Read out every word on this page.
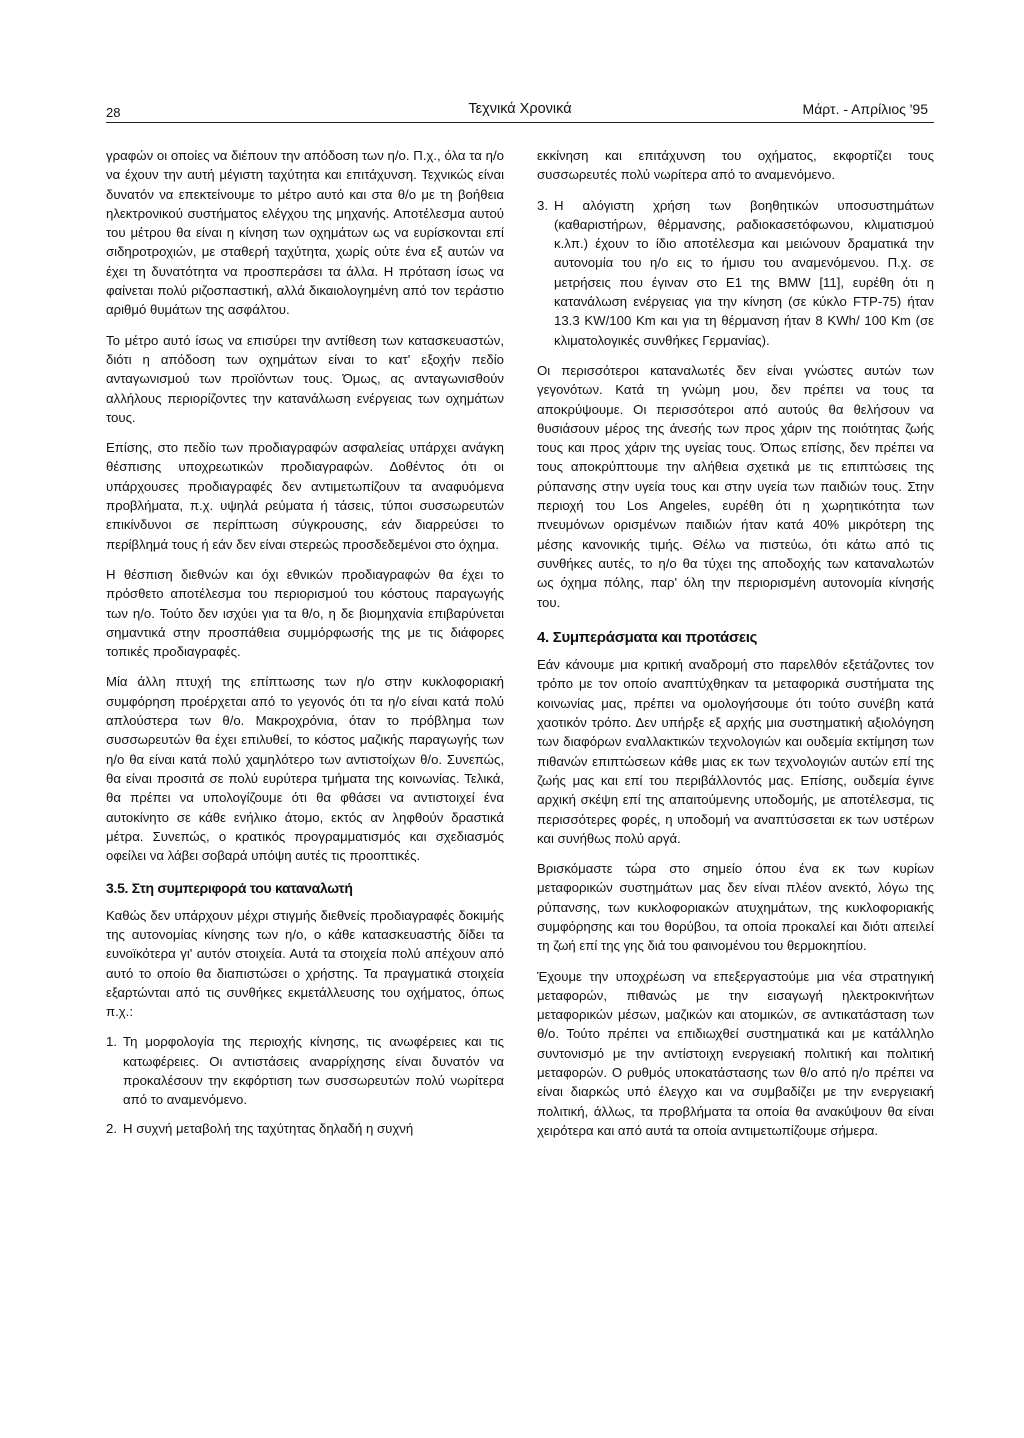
28	Τεχνικά Χρονικά	Μάρτ. - Απρίλιος '95

γραφών οι οποίες να διέπουν την απόδοση των η/ο. Π.χ., όλα τα η/ο να έχουν την αυτή μέγιστη ταχύτητα και επιτάχυνση. Τεχνικώς είναι δυνατόν να επεκτείνουμε το μέτρο αυτό και στα θ/ο με τη βοήθεια ηλεκτρονικού συστήματος ελέγχου της μηχανής. Αποτέλεσμα αυτού του μέτρου θα είναι η κίνηση των οχημάτων ως να ευρίσκονται επί σιδηροτροχιών, με σταθερή ταχύτητα, χωρίς ούτε ένα εξ αυτών να έχει τη δυνατότητα να προσπεράσει τα άλλα. Η πρόταση ίσως να φαίνεται πολύ ριζοσπαστική, αλλά δικαιολογημένη από τον τεράστιο αριθμό θυμάτων της ασφάλτου.

Το μέτρο αυτό ίσως να επισύρει την αντίθεση των κατασκευαστών, διότι η απόδοση των οχημάτων είναι το κατ' εξοχήν πεδίο ανταγωνισμού των προϊόντων τους. Όμως, ας ανταγωνισθούν αλλήλους περιορίζοντες την κατανάλωση ενέργειας των οχημάτων τους.

Επίσης, στο πεδίο των προδιαγραφών ασφαλείας υπάρχει ανάγκη θέσπισης υποχρεωτικών προδιαγραφών. Δοθέντος ότι οι υπάρχουσες προδιαγραφές δεν αντιμετωπίζουν τα αναφυόμενα προβλήματα, π.χ. υψηλά ρεύματα ή τάσεις, τύποι συσσωρευτών επικίνδυνοι σε περίπτωση σύγκρουσης, εάν διαρρεύσει το περίβλημά τους ή εάν δεν είναι στερεώς προσδεδεμένοι στο όχημα.

Η θέσπιση διεθνών και όχι εθνικών προδιαγραφών θα έχει το πρόσθετο αποτέλεσμα του περιορισμού του κόστους παραγωγής των η/ο. Τούτο δεν ισχύει για τα θ/ο, η δε βιομηχανία επιβαρύνεται σημαντικά στην προσπάθεια συμμόρφωσής της με τις διάφορες τοπικές προδιαγραφές.

Μία άλλη πτυχή της επίπτωσης των η/ο στην κυκλοφοριακή συμφόρηση προέρχεται από το γεγονός ότι τα η/ο είναι κατά πολύ απλούστερα των θ/ο. Μακροχρόνια, όταν το πρόβλημα των συσσωρευτών θα έχει επιλυθεί, το κόστος μαζικής παραγωγής των η/ο θα είναι κατά πολύ χαμηλότερο των αντιστοίχων θ/ο. Συνεπώς, θα είναι προσιτά σε πολύ ευρύτερα τμήματα της κοινωνίας. Τελικά, θα πρέπει να υπολογίζουμε ότι θα φθάσει να αντιστοιχεί ένα αυτοκίνητο σε κάθε ενήλικο άτομο, εκτός αν ληφθούν δραστικά μέτρα. Συνεπώς, ο κρατικός προγραμματισμός και σχεδιασμός οφείλει να λάβει σοβαρά υπόψη αυτές τις προοπτικές.

3.5. Στη συμπεριφορά του καταναλωτή

Καθώς δεν υπάρχουν μέχρι στιγμής διεθνείς προδιαγραφές δοκιμής της αυτονομίας κίνησης των η/ο, ο κάθε κατασκευαστής δίδει τα ευνοϊκότερα γι' αυτόν στοιχεία. Αυτά τα στοιχεία πολύ απέχουν από αυτό το οποίο θα διαπιστώσει ο χρήστης. Τα πραγματικά στοιχεία εξαρτώνται από τις συνθήκες εκμετάλλευσης του οχήματος, όπως π.χ.:

1. Τη μορφολογία της περιοχής κίνησης, τις ανωφέρειες και τις κατωφέρειες. Οι αντιστάσεις αναρρίχησης είναι δυνατόν να προκαλέσουν την εκφόρτιση των συσσωρευτών πολύ νωρίτερα από το αναμενόμενο.
2. Η συχνή μεταβολή της ταχύτητας δηλαδή η συχνή

εκκίνηση και επιτάχυνση του οχήματος, εκφορτίζει τους συσσωρευτές πολύ νωρίτερα από το αναμενόμενο.

3. Η αλόγιστη χρήση των βοηθητικών υποσυστημάτων (καθαριστήρων, θέρμανσης, ραδιοκασετόφωνου, κλιματισμού κ.λπ.) έχουν το ίδιο αποτέλεσμα και μειώνουν δραματικά την αυτονομία του η/ο εις το ήμισυ του αναμενόμενου. Π.χ. σε μετρήσεις που έγιναν στο Ε1 της BMW [11], ευρέθη ότι η κατανάλωση ενέργειας για την κίνηση (σε κύκλο FTP-75) ήταν 13.3 KW/100 Km και για τη θέρμανση ήταν 8 KWh/ 100 Km (σε κλιματολογικές συνθήκες Γερμανίας).

Οι περισσότεροι καταναλωτές δεν είναι γνώστες αυτών των γεγονότων. Κατά τη γνώμη μου, δεν πρέπει να τους τα αποκρύψουμε. Οι περισσότεροι από αυτούς θα θελήσουν να θυσιάσουν μέρος της άνεσής των προς χάριν της ποιότητας ζωής τους και προς χάριν της υγείας τους. Όπως επίσης, δεν πρέπει να τους αποκρύπτουμε την αλήθεια σχετικά με τις επιπτώσεις της ρύπανσης στην υγεία τους και στην υγεία των παιδιών τους. Στην περιοχή του Los Angeles, ευρέθη ότι η χωρητικότητα των πνευμόνων ορισμένων παιδιών ήταν κατά 40% μικρότερη της μέσης κανονικής τιμής. Θέλω να πιστεύω, ότι κάτω από τις συνθήκες αυτές, το η/ο θα τύχει της αποδοχής των καταναλωτών ως όχημα πόλης, παρ' όλη την περιορισμένη αυτονομία κίνησής του.

4. Συμπεράσματα και προτάσεις

Εάν κάνουμε μια κριτική αναδρομή στο παρελθόν εξετάζοντες τον τρόπο με τον οποίο αναπτύχθηκαν τα μεταφορικά συστήματα της κοινωνίας μας, πρέπει να ομολογήσουμε ότι τούτο συνέβη κατά χαοτικόν τρόπο. Δεν υπήρξε εξ αρχής μια συστηματική αξιολόγηση των διαφόρων εναλλακτικών τεχνολογιών και ουδεμία εκτίμηση των πιθανών επιπτώσεων κάθε μιας εκ των τεχνολογιών αυτών επί της ζωής μας και επί του περιβάλλοντός μας. Επίσης, ουδεμία έγινε αρχική σκέψη επί της απαιτούμενης υποδομής, με αποτέλεσμα, τις περισσότερες φορές, η υποδομή να αναπτύσσεται εκ των υστέρων και συνήθως πολύ αργά.

Βρισκόμαστε τώρα στο σημείο όπου ένα εκ των κυρίων μεταφορικών συστημάτων μας δεν είναι πλέον ανεκτό, λόγω της ρύπανσης, των κυκλοφοριακών ατυχημάτων, της κυκλοφοριακής συμφόρησης και του θορύβου, τα οποία προκαλεί και διότι απειλεί τη ζωή επί της γης διά του φαινομένου του θερμοκηπίου.

Έχουμε την υποχρέωση να επεξεργαστούμε μια νέα στρατηγική μεταφορών, πιθανώς με την εισαγωγή ηλεκτροκινήτων μεταφορικών μέσων, μαζικών και ατομικών, σε αντικατάσταση των θ/ο. Τούτο πρέπει να επιδιωχθεί συστηματικά και με κατάλληλο συντονισμό με την αντίστοιχη ενεργειακή πολιτική και πολιτική μεταφορών. Ο ρυθμός υποκατάστασης των θ/ο από η/ο πρέπει να είναι διαρκώς υπό έλεγχο και να συμβαδίζει με την ενεργειακή πολιτική, άλλως, τα προβλήματα τα οποία θα ανακύψουν θα είναι χειρότερα και από αυτά τα οποία αντιμετωπίζουμε σήμερα.
